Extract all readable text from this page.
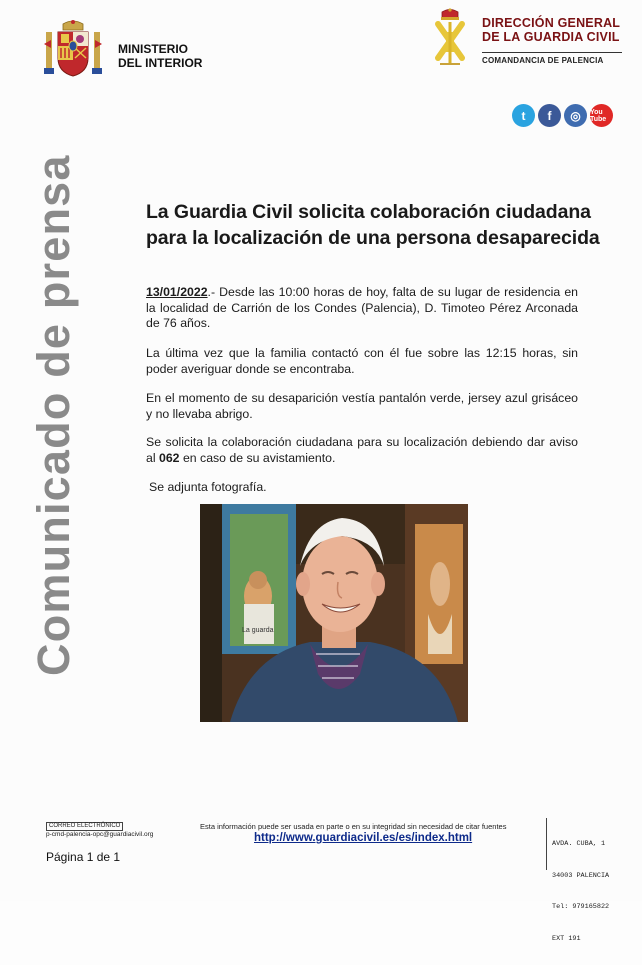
MINISTERIO
DEL INTERIOR
DIRECCIÓN GENERAL
DE LA GUARDIA CIVIL
COMANDANCIA DE PALENCIA
t f ◎ You Tube
Comunicado de prensa	La Guardia Civil solicita colaboración ciudadana
para la localización de una persona desaparecida
13/01/2022.- Desde las 10:00 horas de hoy, falta de su lugar de residencia en la localidad de Carrión de los Condes (Palencia), D. Timoteo Pérez Arconada de 76 años.
La última vez que la familia contactó con él fue sobre las 12:15 horas, sin poder averiguar donde se encontraba.
En el momento de su desaparición vestía pantalón verde, jersey azul grisáceo y no llevaba abrigo.
Se solicita la colaboración ciudadana para su localización debiendo dar aviso al 062 en caso de su avistamiento.
Se adjunta fotografía.
La guarda
CORREO ELECTRÓNICO
p-cmd-palencia-opc@guardiacivil.org
Página 1 de 1
Esta información puede ser usada en parte o en su integridad sin necesidad de citar fuentes
http://www.guardiacivil.es/es/index.html

	AVDA. CUBA, 1

34003 PALENCIA

Tel: 979165822

EXT 191
